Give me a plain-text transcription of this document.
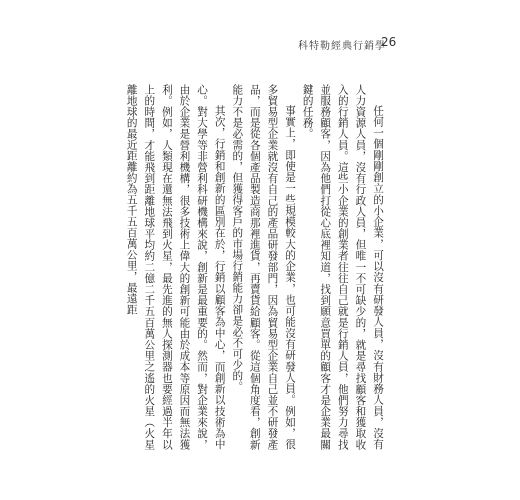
科特勒經典行銷學
26

任何一個剛剛創立的小企業，可以沒有研發人員，沒有財務人員，沒有人力資源人員，沒有行政人員，但唯一不可缺少的，就是尋找顧客和獲取收入的行銷人員。這些小企業的創業者往往自己就是行銷人員，他們努力尋找並服務顧客，因為他們打從心底裡知道，找到願意買單的顧客才是企業最關鍵的任務。

事實上，即使是一些規模較大的企業，也可能沒有研發人員。例如，很多貿易型企業就沒有自己的產品研發部門，因為貿易型企業自己並不研發產品，而是從各個產品製造商那裡進貨，再賣貨給顧客。從這個角度看，創新能力不是必需的，但獲得客戶的市場行銷能力卻是必不可少的。

其次，行銷和創新的區別在於，行銷以顧客為中心，而創新以技術為中心。對大學等非營利科研機構來說，創新是最重要的。然而，對企業來說，由於企業是營利機構，很多技術上偉大的創新可能由於成本等原因而無法獲利。例如，人類現在還無法飛到火星，最先進的無人探測器也要經過半年以上的時間，才能飛到距離地球平均約二億二千五百萬公里之遙的火星（火星離地球的最近距離約為五千五百萬公里，最遠距
